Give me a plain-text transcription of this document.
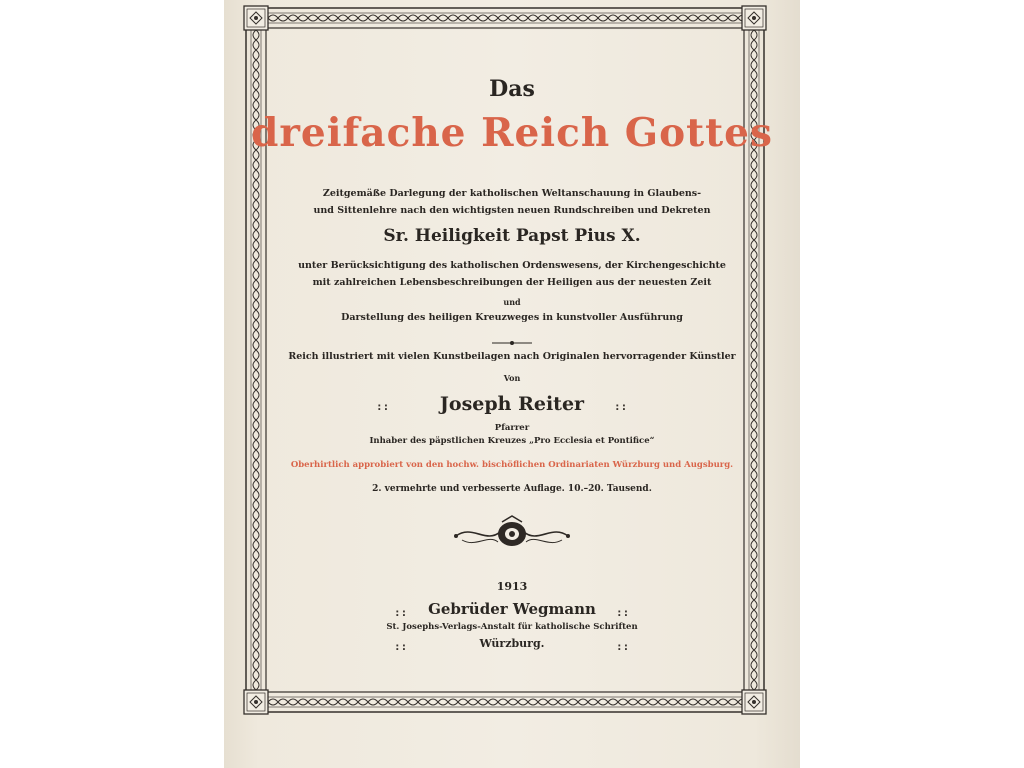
Das
dreifache Reich Gottes
Zeitgemäße Darlegung der katholischen Weltanschauung in Glaubens-
und Sittenlehre nach den wichtigsten neuen Rundschreiben und Dekreten
Sr. Heiligkeit Papst Pius X.
unter Berücksichtigung des katholischen Ordenswesens, der Kirchengeschichte
mit zahlreichen Lebensbeschreibungen der Heiligen aus der neuesten Zeit
und
Darstellung des heiligen Kreuzweges in kunstvoller Ausführung
Reich illustriert mit vielen Kunstbeilagen nach Originalen hervorragender Künstler
Von
::	Joseph Reiter	::
Pfarrer
Inhaber des päpstlichen Kreuzes „Pro Ecclesia et Pontifice“
Oberhirtlich approbiert von den hochw. bischöflichen Ordinariaten Würzburg und Augsburg.
2. vermehrte und verbesserte Auflage. 10.–20. Tausend.
1913
::	Gebrüder Wegmann	::
St. Josephs-Verlags-Anstalt für katholische Schriften
::	Würzburg.	::
